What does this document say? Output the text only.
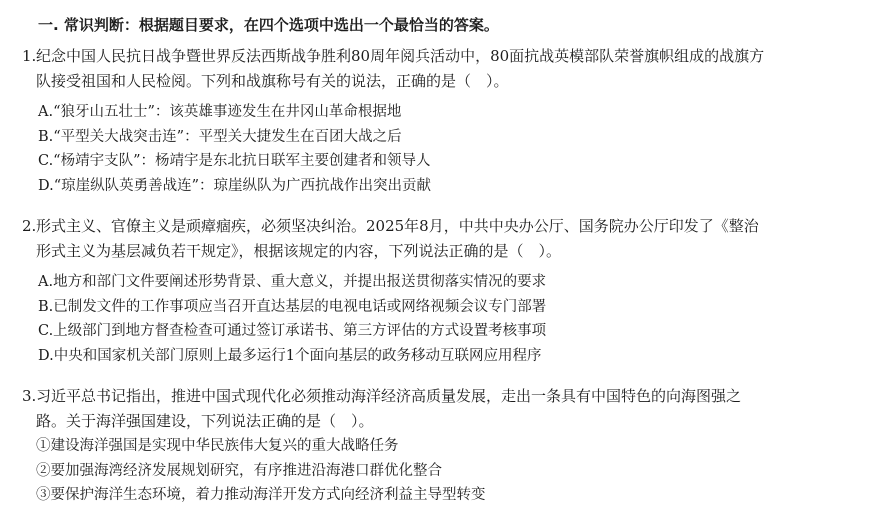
一. 常识判断：根据题目要求，在四个选项中选出一个最恰当的答案。
1.纪念中国人民抗日战争暨世界反法西斯战争胜利80周年阅兵活动中，80面抗战英模部队荣誉旗帜组成的战旗方
队接受祖国和人民检阅。下列和战旗称号有关的说法，正确的是（　）。
A.“狼牙山五壮士”：该英雄事迹发生在井冈山革命根据地
B.“平型关大战突击连”：平型关大捷发生在百团大战之后
C.“杨靖宇支队”：杨靖宇是东北抗日联军主要创建者和领导人
D.“琼崖纵队英勇善战连”：琼崖纵队为广西抗战作出突出贡献
2.形式主义、官僚主义是顽瘴痼疾，必须坚决纠治。2025年8月，中共中央办公厅、国务院办公厅印发了《整治
形式主义为基层减负若干规定》，根据该规定的内容，下列说法正确的是（　）。
A.地方和部门文件要阐述形势背景、重大意义，并提出报送贯彻落实情况的要求
B.已制发文件的工作事项应当召开直达基层的电视电话或网络视频会议专门部署
C.上级部门到地方督查检查可通过签订承诺书、第三方评估的方式设置考核事项
D.中央和国家机关部门原则上最多运行1个面向基层的政务移动互联网应用程序
3.习近平总书记指出，推进中国式现代化必须推动海洋经济高质量发展，走出一条具有中国特色的向海图强之
路。关于海洋强国建设，下列说法正确的是（　）。
①建设海洋强国是实现中华民族伟大复兴的重大战略任务
②要加强海湾经济发展规划研究，有序推进沿海港口群优化整合
③要保护海洋生态环境，着力推动海洋开发方式向经济利益主导型转变
